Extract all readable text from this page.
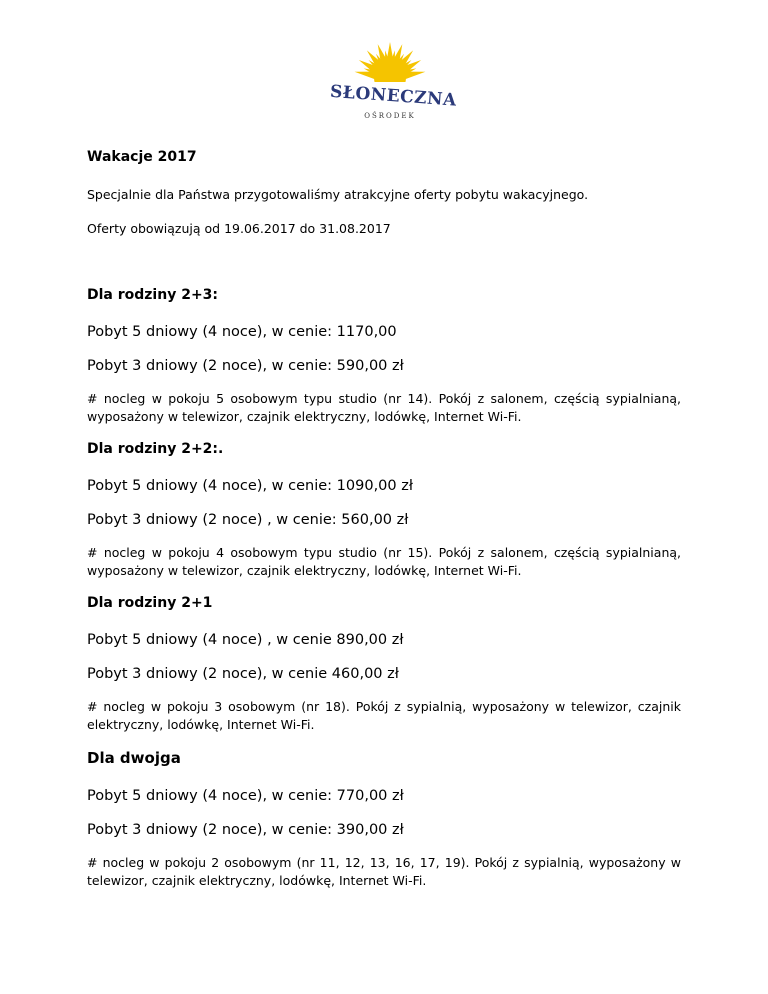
SŁONECZNA
OŚRODEK

Wakacje 2017

Specjalnie dla Państwa przygotowaliśmy atrakcyjne oferty pobytu wakacyjnego.

Oferty obowiązują od 19.06.2017 do 31.08.2017

Dla rodziny 2+3:

Pobyt 5 dniowy (4 noce), w cenie: 1170,00

Pobyt 3 dniowy (2 noce), w cenie: 590,00 zł

# nocleg w pokoju 5 osobowym typu studio (nr 14). Pokój z salonem, częścią sypialnianą, wyposażony w telewizor, czajnik elektryczny, lodówkę, Internet Wi-Fi.

Dla rodziny 2+2:.

Pobyt 5 dniowy (4 noce), w cenie: 1090,00 zł

Pobyt 3 dniowy (2 noce) , w cenie: 560,00 zł

# nocleg w pokoju 4 osobowym typu studio (nr 15). Pokój z salonem, częścią sypialnianą, wyposażony w telewizor, czajnik elektryczny, lodówkę, Internet Wi-Fi.

Dla rodziny 2+1

Pobyt 5 dniowy (4 noce) , w cenie 890,00 zł

Pobyt 3 dniowy (2 noce), w cenie 460,00 zł

# nocleg w pokoju 3 osobowym (nr 18). Pokój z sypialnią, wyposażony w telewizor, czajnik elektryczny, lodówkę, Internet Wi-Fi.

Dla dwojga

Pobyt 5 dniowy (4 noce), w cenie: 770,00 zł

Pobyt 3 dniowy (2 noce), w cenie: 390,00 zł

# nocleg w pokoju 2 osobowym (nr 11, 12, 13, 16, 17, 19). Pokój z sypialnią, wyposażony w telewizor, czajnik elektryczny, lodówkę, Internet Wi-Fi.
